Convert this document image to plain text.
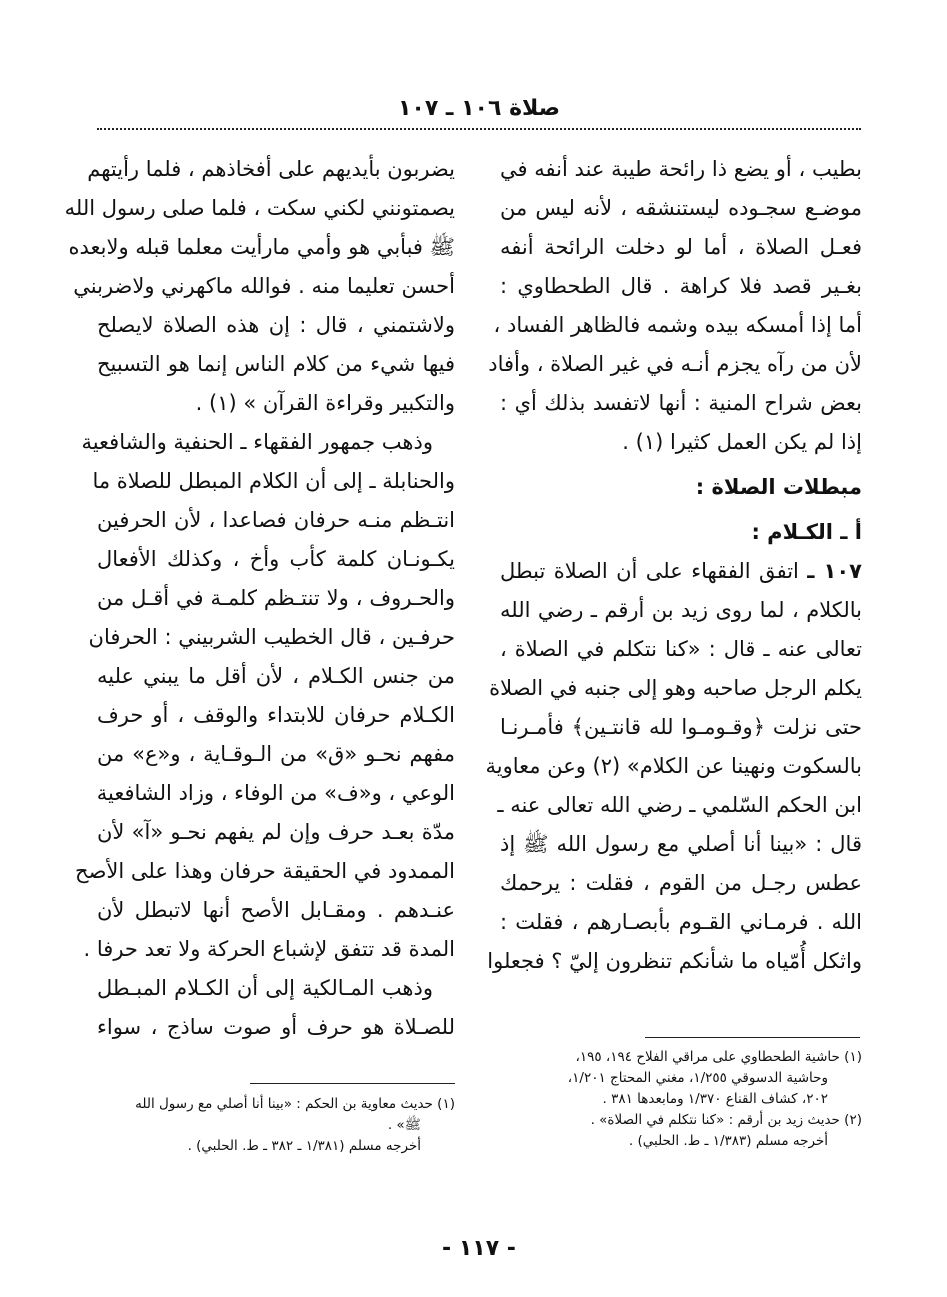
صلاة ١٠٦ ـ ١٠٧
بطيب ، أو يضع ذا رائحة طيبة عند أنفه في
موضـع سجـوده ليستنشقه ، لأنه ليس من
فعـل الصلاة ، أما لو دخلت الرائحة أنفه
بغـير قصد فلا كراهة . قال الطحطاوي :
أما إذا أمسكه بيده وشمه فالظاهر الفساد ،
لأن من رآه يجزم أنـه في غير الصلاة ، وأفاد
بعض شراح المنية : أنها لاتفسد بذلك أي :
إذا لم يكن العمل كثيرا (١) .
مبطلات الصلاة :
أ ـ الكـلام :
١٠٧ ـ اتفق الفقهاء على أن الصلاة تبطل
بالكلام ، لما روى زيد بن أرقم ـ رضي الله
تعالى عنه ـ قال : «كنا نتكلم في الصلاة ،
يكلم الرجل صاحبه وهو إلى جنبه في الصلاة
حتى نزلت ﴿وقـومـوا لله قانتـين﴾ فأمـرنـا
بالسكوت ونهينا عن الكلام» (٢) وعن معاوية
ابن الحكم السّلمي ـ رضي الله تعالى عنه ـ
قال : «بينا أنا أصلي مع رسول الله ﷺ إذ
عطس رجـل من القوم ، فقلت : يرحمك
الله . فرمـاني القـوم بأبصـارهم ، فقلت :
واثكل أُمّياه ما شأنكم تنظرون إليّ ؟ فجعلوا
يضربون بأيديهم على أفخاذهم ، فلما رأيتهم
يصمتونني لكني سكت ، فلما صلى رسول الله
ﷺ فبأبي هو وأمي مارأيت معلما قبله ولابعده
أحسن تعليما منه . فوالله ماكهرني ولاضربني
ولاشتمني ، قال : إن هذه الصلاة لايصلح
فيها شيء من كلام الناس إنما هو التسبيح
والتكبير وقراءة القرآن » (١) .
وذهب جمهور الفقهاء ـ الحنفية والشافعية
والحنابلة ـ إلى أن الكلام المبطل للصلاة ما
انتـظم منـه حرفان فصاعدا ، لأن الحرفين
يكـونـان كلمة كأب وأخ ، وكذلك الأفعال
والحـروف ، ولا تنتـظم كلمـة في أقـل من
حرفـين ، قال الخطيب الشربيني : الحرفان
من جنس الكـلام ، لأن أقل ما يبني عليه
الكـلام حرفان للابتداء والوقف ، أو حرف
مفهم نحـو «ق» من الـوقـاية ، و«ع» من
الوعي ، و«ف» من الوفاء ، وزاد الشافعية
مدّة بعـد حرف وإن لم يفهم نحـو «آ» لأن
الممدود في الحقيقة حرفان وهذا على الأصح
عنـدهم . ومقـابل الأصح أنها لاتبطل لأن
المدة قد تتفق لإشباع الحركة ولا تعد حرفا .
وذهب المـالكية إلى أن الكـلام المبـطل
للصـلاة هو حرف أو صوت ساذج ، سواء
(١) حاشية الطحطاوي على مراقي الفلاح ١٩٤، ١٩٥،
وحاشية الدسوقي ١/٢٥٥، مغني المحتاج ١/٢٠١،
٢٠٢، كشاف القناع ١/٣٧٠ ومابعدها ٣٨١ .
(٢) حديث زيد بن أرقم : «كنا نتكلم في الصلاة» .
أخرجه مسلم (١/٣٨٣ ـ ط. الحلبي) .
(١) حديث معاوية بن الحكم : «بينا أنا أصلي مع رسول الله
ﷺ» .
أخرجه مسلم (١/٣٨١ ـ ٣٨٢ ـ ط. الحلبي) .
- ١١٧ -
